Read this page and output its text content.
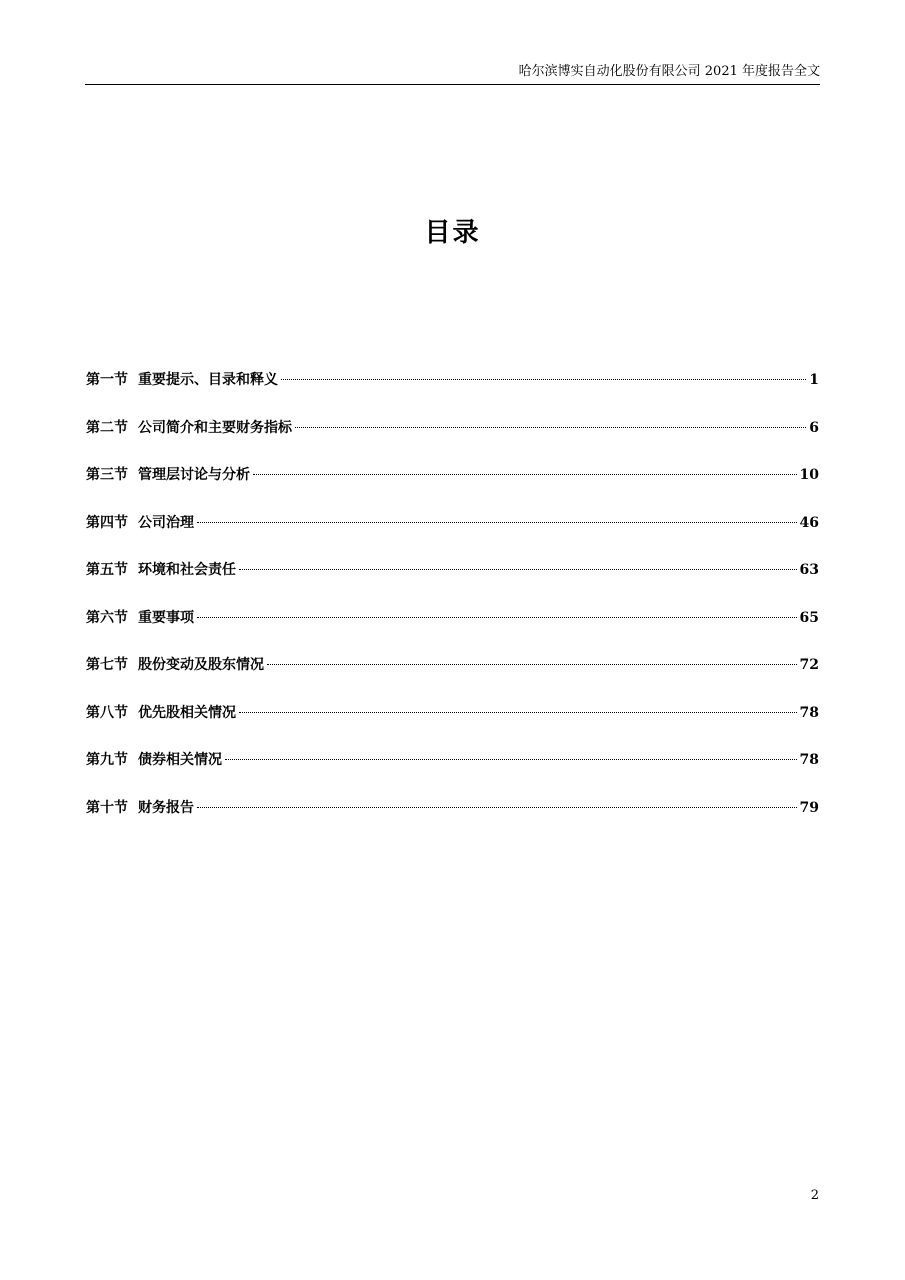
哈尔滨博实自动化股份有限公司 2021 年度报告全文
目录
第一节 重要提示、目录和释义	1
第二节 公司简介和主要财务指标	6
第三节 管理层讨论与分析	10
第四节 公司治理	46
第五节 环境和社会责任	63
第六节 重要事项	65
第七节 股份变动及股东情况	72
第八节 优先股相关情况	78
第九节 债券相关情况	78
第十节 财务报告	79
2
